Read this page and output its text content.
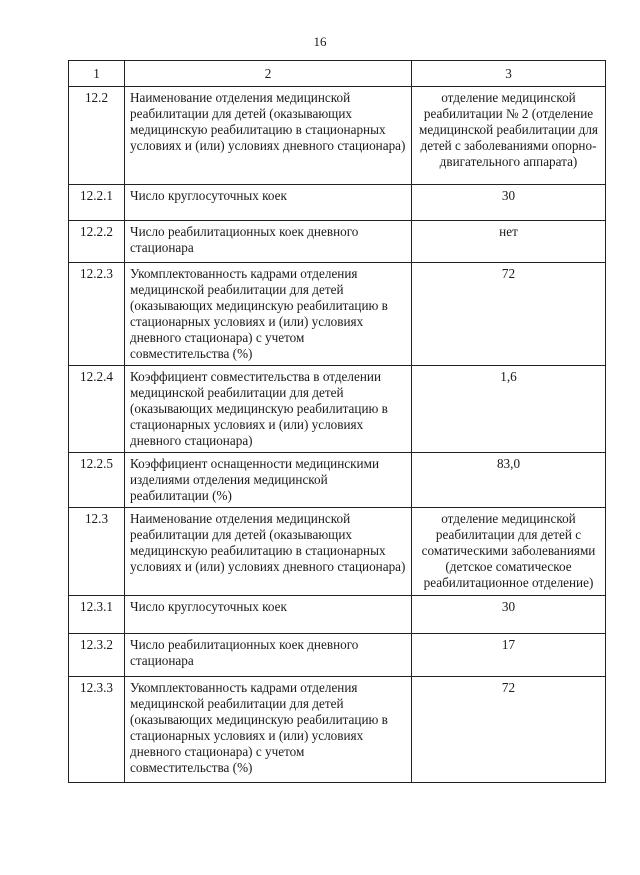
16
1	2	3
12.2	Наименование отделения медицинской реабилитации для детей (оказывающих медицинскую реабилитацию в стационарных условиях и (или) условиях дневного стационара)	отделение медицинской реабилитации № 2 (отделение медицинской реабилитации для детей с заболеваниями опорно-двигательного аппарата)
12.2.1	Число круглосуточных коек	30
12.2.2	Число реабилитационных коек дневного стационара	нет
12.2.3	Укомплектованность кадрами отделения медицинской реабилитации для детей (оказывающих медицинскую реабилитацию в стационарных условиях и (или) условиях дневного стационара) с учетом совместительства (%)	72
12.2.4	Коэффициент совместительства в отделении медицинской реабилитации для детей (оказывающих медицинскую реабилитацию в стационарных условиях и (или) условиях дневного стационара)	1,6
12.2.5	Коэффициент оснащенности медицинскими изделиями отделения медицинской реабилитации (%)	83,0
12.3	Наименование отделения медицинской реабилитации для детей (оказывающих медицинскую реабилитацию в стационарных условиях и (или) условиях дневного стационара)	отделение медицинской реабилитации для детей с соматическими заболеваниями (детское соматическое реабилитационное отделение)
12.3.1	Число круглосуточных коек	30
12.3.2	Число реабилитационных коек дневного стационара	17
12.3.3	Укомплектованность кадрами отделения медицинской реабилитации для детей (оказывающих медицинскую реабилитацию в стационарных условиях и (или) условиях дневного стационара) с учетом совместительства (%)	72
